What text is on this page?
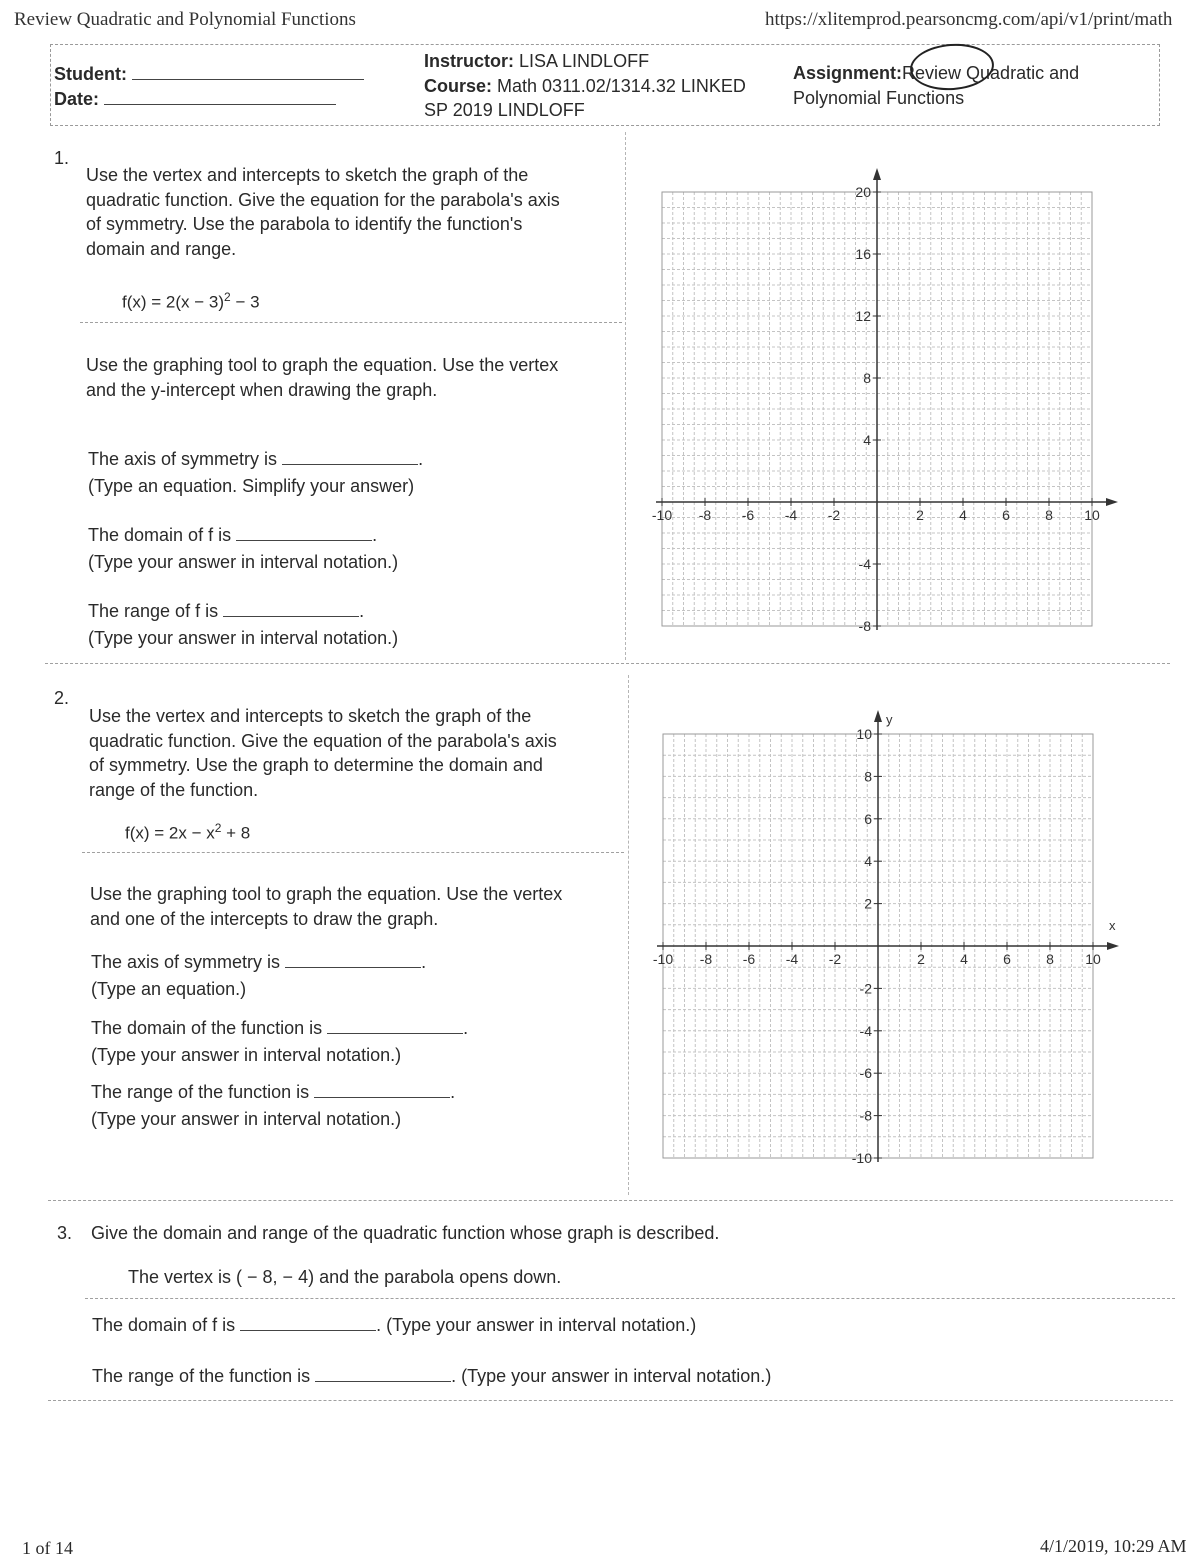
Review Quadratic and Polynomial Functions	https://xlitemprod.pearsoncmg.com/api/v1/print/math
Student:
Date:
Instructor: LISA LINDLOFF
Course: Math 0311.02/1314.32 LINKED
SP 2019 LINDLOFF
Assignment:Review Quadratic and
Polynomial Functions
1.
Use the vertex and intercepts to sketch the graph of the
quadratic function. Give the equation for the parabola's axis
of symmetry. Use the parabola to identify the function's
domain and range.
$f(x) = 2(x - 3)^2 - 3$
Use the graphing tool to graph the equation. Use the vertex
and the y-intercept when drawing the graph.
The axis of symmetry is	.
(Type an equation. Simplify your answer)
The domain of f is	.
(Type your answer in interval notation.)
The range of f is	.
(Type your answer in interval notation.)
-10 -8 -6 -4 -2	2	4	6	8 10
20
16
12
8
4
-4
-8
2.
Use the vertex and intercepts to sketch the graph of the
quadratic function. Give the equation of the parabola's axis
of symmetry. Use the graph to determine the domain and
range of the function.
$f(x) = 2x - x^2 + 8$
Use the graphing tool to graph the equation. Use the vertex
and one of the intercepts to draw the graph.
The axis of symmetry is	.
(Type an equation.)
The domain of the function is	.
(Type your answer in interval notation.)
The range of the function is	.
(Type your answer in interval notation.)
-10 -8 -6 -4 -2	2	4	6	8 10
10
8
6
4
2
-2
-4
-6
-8
-10
x
y
3. Give the domain and range of the quadratic function whose graph is described.
The vertex is ( − 8, − 4) and the parabola opens down.
The domain of f is	. (Type your answer in interval notation.)
The range of the function is	. (Type your answer in interval notation.)
1 of 14	4/1/2019, 10:29 AM
